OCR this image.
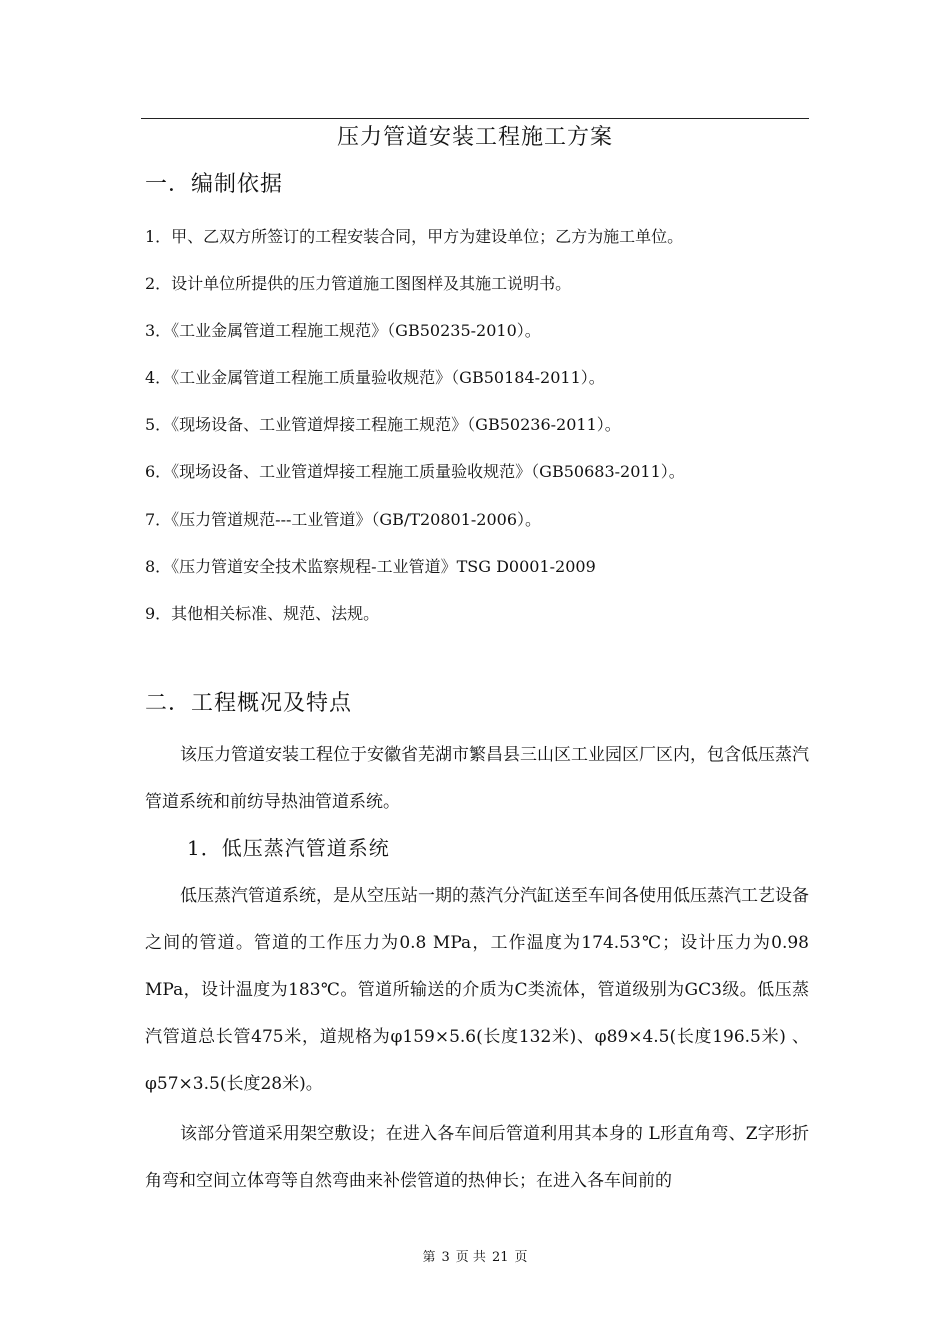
压力管道安装工程施工方案
一．编制依据
1．甲、乙双方所签订的工程安装合同，甲方为建设单位；乙方为施工单位。
2．设计单位所提供的压力管道施工图图样及其施工说明书。
3．《工业金属管道工程施工规范》（GB50235-2010）。
4．《工业金属管道工程施工质量验收规范》（GB50184-2011）。
5．《现场设备、工业管道焊接工程施工规范》（GB50236-2011）。
6．《现场设备、工业管道焊接工程施工质量验收规范》（GB50683-2011）。
7．《压力管道规范---工业管道》（GB/T20801-2006）。
8．《压力管道安全技术监察规程-工业管道》TSG D0001-2009
9．其他相关标准、规范、法规。
二．工程概况及特点
该压力管道安装工程位于安徽省芜湖市繁昌县三山区工业园区厂区内，包含低压蒸汽管道系统和前纺导热油管道系统。
1．低压蒸汽管道系统
低压蒸汽管道系统，是从空压站一期的蒸汽分汽缸送至车间各使用低压蒸汽工艺设备之间的管道。管道的工作压力为0.8 MPa，工作温度为174.53℃；设计压力为0.98 MPa，设计温度为183℃。管道所输送的介质为C类流体，管道级别为GC3级。低压蒸汽管道总长管475米，道规格为φ159×5.6(长度132米)、φ89×4.5(长度196.5米) 、φ57×3.5(长度28米)。
该部分管道采用架空敷设；在进入各车间后管道利用其本身的 L形直角弯、Z字形折角弯和空间立体弯等自然弯曲来补偿管道的热伸长；在进入各车间前的
第 3 页 共 21 页
